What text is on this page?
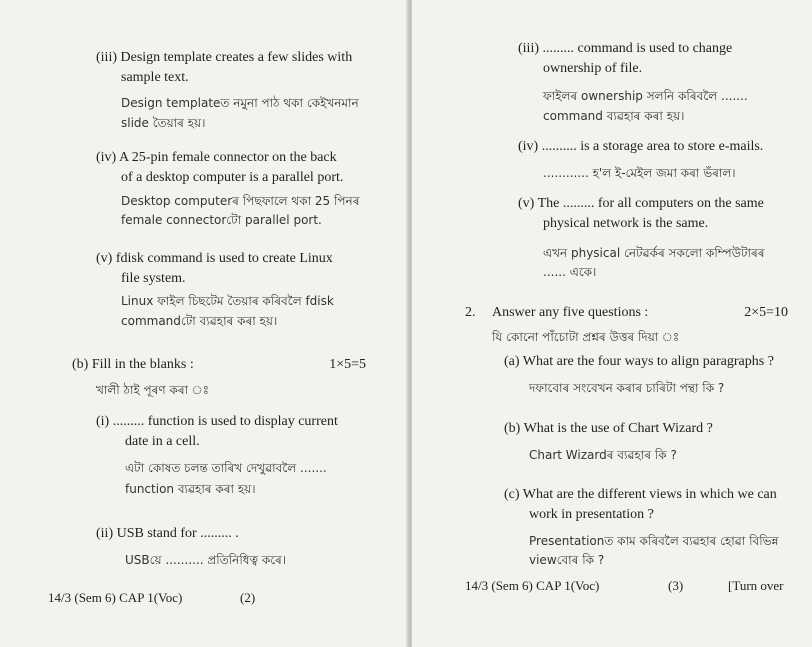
(iii) Design template creates a few slides with
sample text.
Design templateত নমুনা পাঠ থকা কেইখনমান
slide তৈয়াৰ হয়।
(iv) A 25-pin female connector on the back
of a desktop computer is a parallel port.
Desktop computerৰ পিছফালে থকা 25 পিনৰ
female connectorটো parallel port.
(v) fdisk command is used to create Linux
file system.
Linux ফাইল চিছটেম তৈয়াৰ কৰিবলৈ fdisk
commandটো ব্যৱহাৰ কৰা হয়।
(b) Fill in the blanks :	1×5=5
খালী ঠাই পূৰণ কৰা ঃ
(i) ......... function is used to display current
date in a cell.
এটা কোষত চলন্ত তাৰিখ দেখুৱাবলৈ .......
function ব্যৱহাৰ কৰা হয়।
(ii) USB stand for ......... .
USBয়ে .......... প্ৰতিনিধিত্ব কৰে।
14/3 (Sem 6) CAP 1(Voc)	(2)
(iii) ......... command is used to change
ownership of file.
ফাইলৰ ownership সলনি কৰিবলৈ .......
command ব্যৱহাৰ কৰা হয়।
(iv) .......... is a storage area to store e-mails.
............ হ'ল ই-মেইল জমা কৰা ভঁৰাল।
(v) The ......... for all computers on the same
physical network is the same.
এখন physical নেটৱৰ্কৰ সকলো কম্পিউটাৰৰ
...... একে।
2. Answer any five questions :	2×5=10
যি কোনো পাঁচোটা প্ৰশ্নৰ উত্তৰ দিয়া ঃ
(a) What are the four ways to align paragraphs ?
দফাবোৰ সংবেখন কৰাৰ চাৰিটা পন্থা কি ?
(b) What is the use of Chart Wizard ?
Chart Wizardৰ ব্যৱহাৰ কি ?
(c) What are the different views in which we can
work in presentation ?
Presentationত কাম কৰিবলৈ ব্যৱহাৰ হোৱা বিভিন্ন
viewবোৰ কি ?
14/3 (Sem 6) CAP 1(Voc)	(3)	[Turn over
